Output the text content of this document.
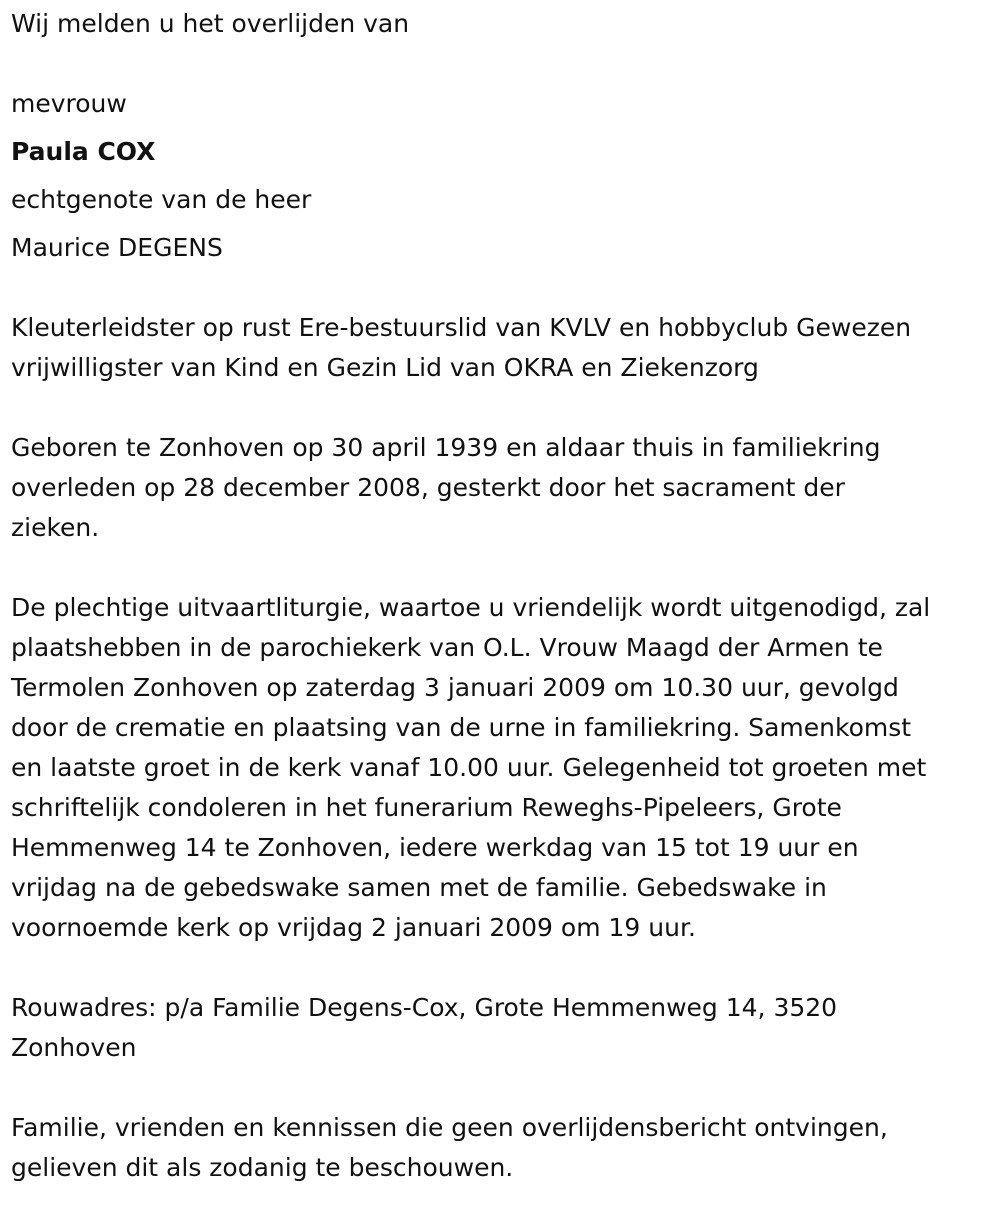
Wij melden u het overlijden van
mevrouw
Paula COX
echtgenote van de heer
Maurice DEGENS

Kleuterleidster op rust Ere-bestuurslid van KVLV en hobbyclub Gewezen

vrijwilligster van Kind en Gezin Lid van OKRA en Ziekenzorg

Geboren te Zonhoven op 30 april 1939 en aldaar thuis in familiekring

overleden op 28 december 2008, gesterkt door het sacrament der

zieken.

De plechtige uitvaartliturgie, waartoe u vriendelijk wordt uitgenodigd, zal

plaatshebben in de parochiekerk van O.L. Vrouw Maagd der Armen te

Termolen Zonhoven op zaterdag 3 januari 2009 om 10.30 uur, gevolgd

door de crematie en plaatsing van de urne in familiekring. Samenkomst

en laatste groet in de kerk vanaf 10.00 uur. Gelegenheid tot groeten met

schriftelijk condoleren in het funerarium Reweghs-Pipeleers, Grote

Hemmenweg 14 te Zonhoven, iedere werkdag van 15 tot 19 uur en

vrijdag na de gebedswake samen met de familie. Gebedswake in

voornoemde kerk op vrijdag 2 januari 2009 om 19 uur.

Rouwadres: p/a Familie Degens-Cox, Grote Hemmenweg 14, 3520

Zonhoven

Familie, vrienden en kennissen die geen overlijdensbericht ontvingen,

gelieven dit als zodanig te beschouwen.
